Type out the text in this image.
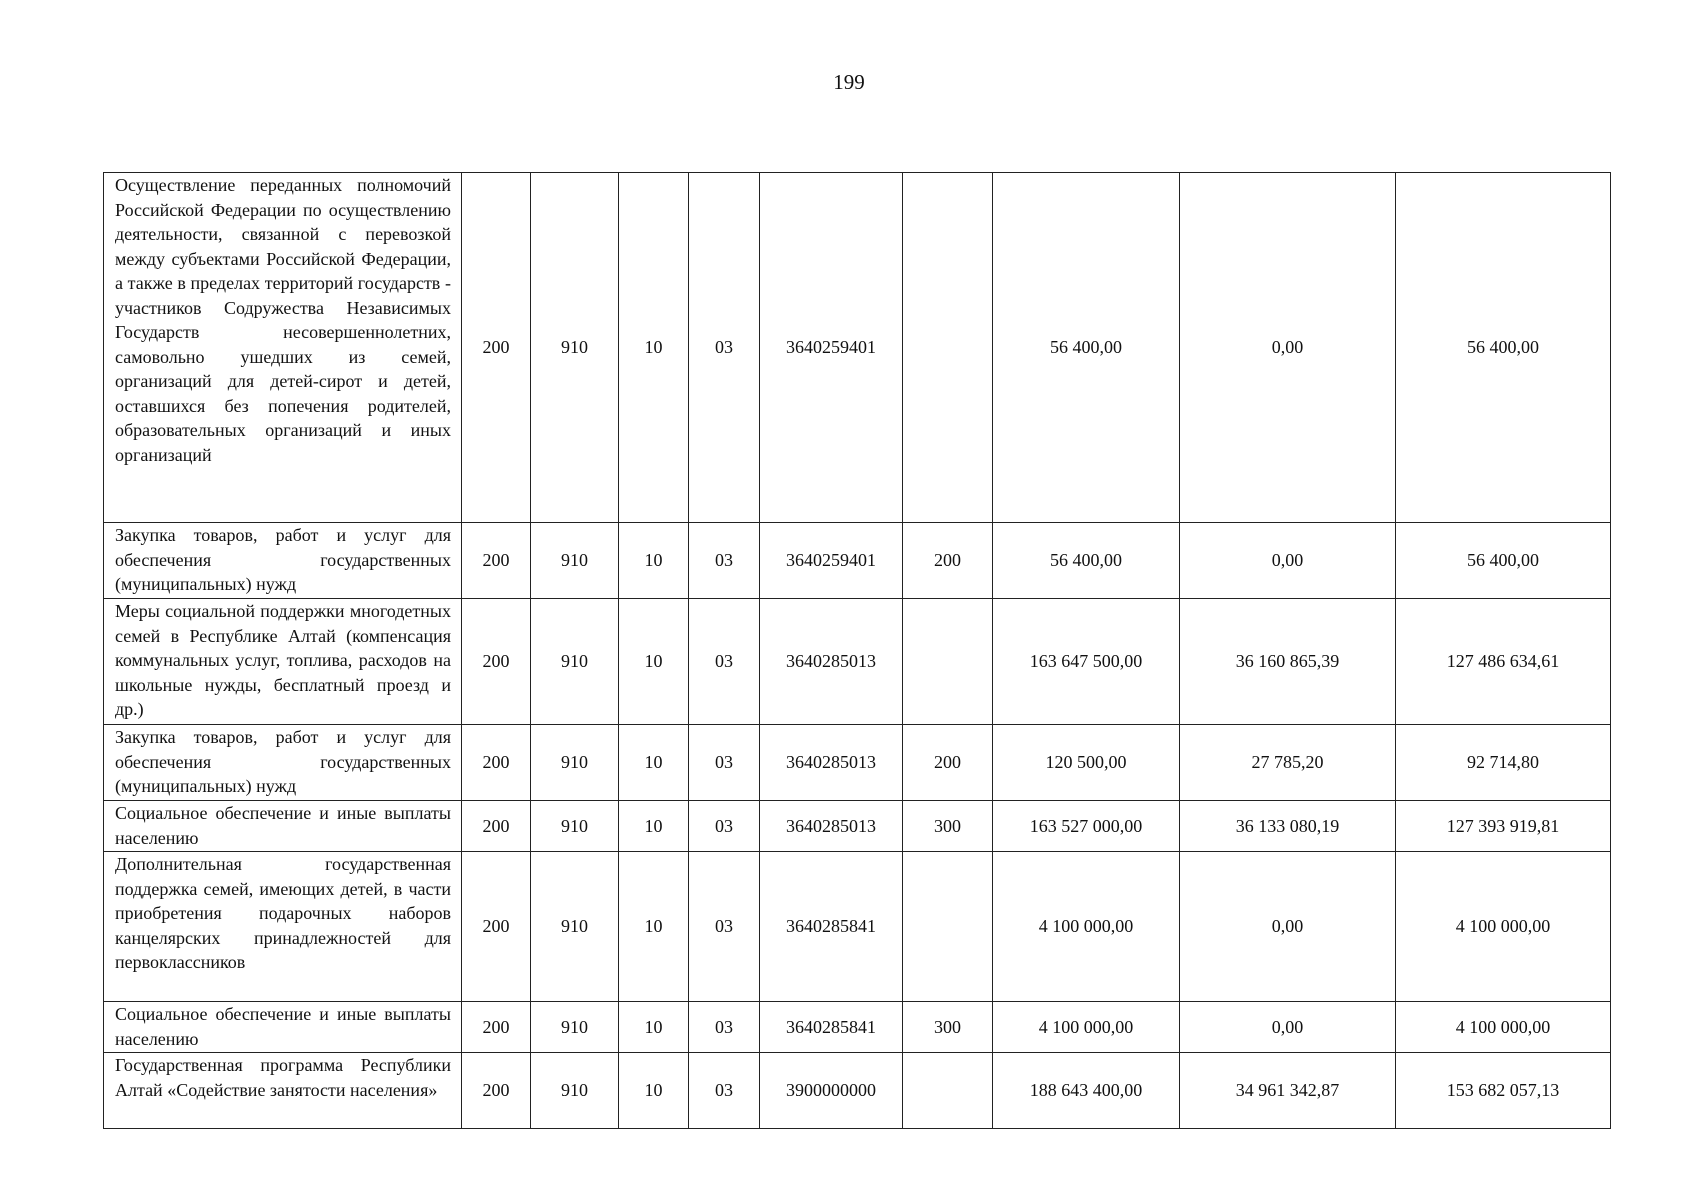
199
Осуществление переданных полномочий Российской Федерации по осуществлению деятельности, связанной с перевозкой между субъектами Российской Федерации, а также в пределах территорий государств - участников Содружества Независимых Государств несовершеннолетних, самовольно ушедших из семей, организаций для детей-сирот и детей, оставшихся без попечения родителей, образовательных организаций и иных организаций	200	910	10	03	3640259401		56 400,00	0,00	56 400,00

Закупка товаров, работ и услуг для обеспечения государственных (муниципальных) нужд	200	910	10	03	3640259401	200	56 400,00	0,00	56 400,00

Меры социальной поддержки многодетных семей в Республике Алтай (компенсация коммунальных услуг, топлива, расходов на школьные нужды, бесплатный проезд и др.)	200	910	10	03	3640285013		163 647 500,00	36 160 865,39	127 486 634,61

Закупка товаров, работ и услуг для обеспечения государственных (муниципальных) нужд	200	910	10	03	3640285013	200	120 500,00	27 785,20	92 714,80

Социальное обеспечение и иные выплаты населению	200	910	10	03	3640285013	300	163 527 000,00	36 133 080,19	127 393 919,81

Дополнительная государственная поддержка семей, имеющих детей, в части приобретения подарочных наборов канцелярских принадлежностей для первоклассников	200	910	10	03	3640285841		4 100 000,00	0,00	4 100 000,00

Социальное обеспечение и иные выплаты населению	200	910	10	03	3640285841	300	4 100 000,00	0,00	4 100 000,00

Государственная программа Республики Алтай «Содействие занятости населения»	200	910	10	03	3900000000		188 643 400,00	34 961 342,87	153 682 057,13
